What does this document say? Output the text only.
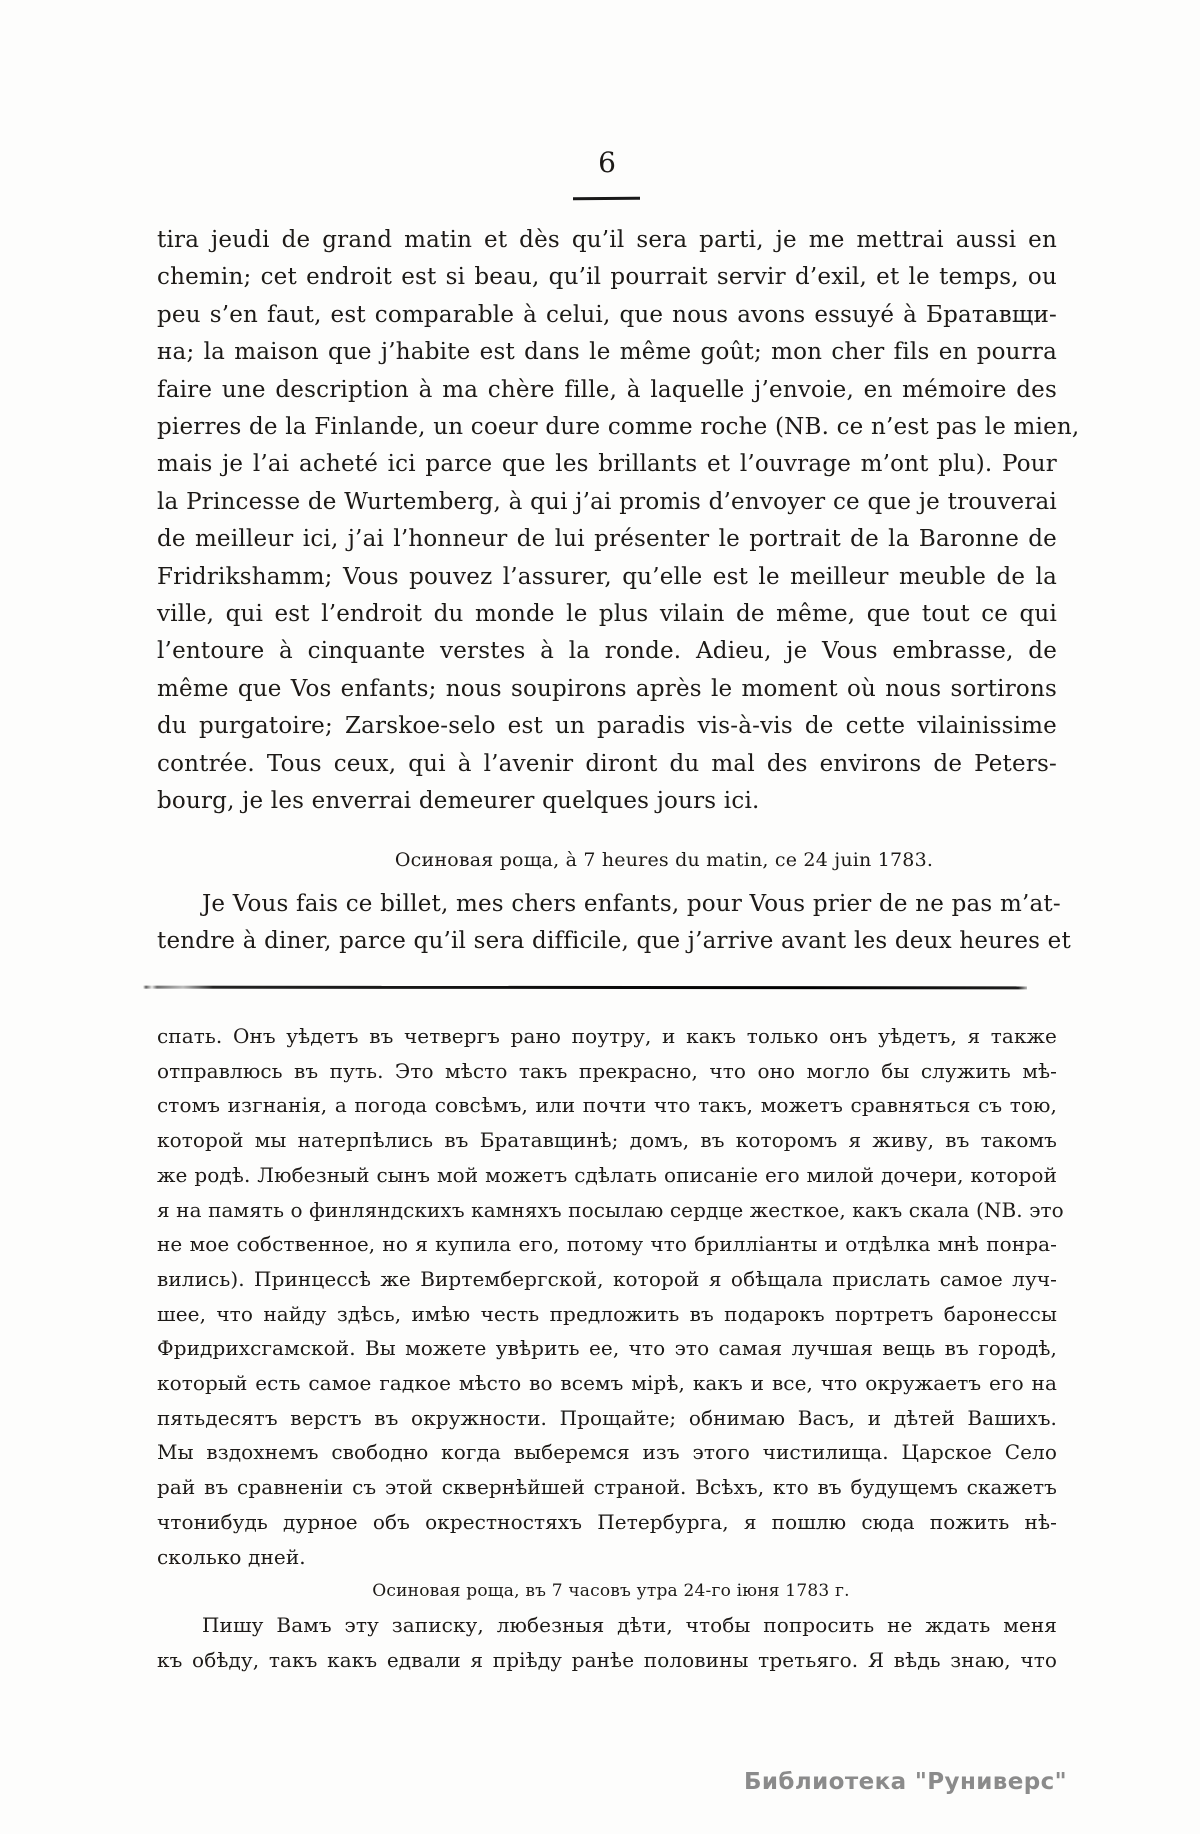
6
tira jeudi de grand matin et dès qu’il sera parti, je me mettrai aussi en
chemin; cet endroit est si beau, qu’il pourrait servir d’exil, et le temps, ou
peu s’en faut, est comparable à celui, que nous avons essuyé à Братавщи-
на; la maison que j’habite est dans le même goût; mon cher fils en pourra
faire une description à ma chère fille, à laquelle j’envoie, en mémoire des
pierres de la Finlande, un coeur dure comme roche (NB. ce n’est pas le mien,
mais je l’ai acheté ici parce que les brillants et l’ouvrage m’ont plu). Pour
la Princesse de Wurtemberg, à qui j’ai promis d’envoyer ce que je trouverai
de meilleur ici, j’ai l’honneur de lui présenter le portrait de la Baronne de
Fridrikshamm; Vous pouvez l’assurer, qu’elle est le meilleur meuble de la
ville, qui est l’endroit du monde le plus vilain de même, que tout ce qui
l’entoure à cinquante verstes à la ronde. Adieu, je Vous embrasse, de
même que Vos enfants; nous soupirons après le moment où nous sortirons
du purgatoire; Zarskoe-selo est un paradis vis-à-vis de cette vilainissime
contrée. Tous ceux, qui à l’avenir diront du mal des environs de Peters-
bourg, je les enverrai demeurer quelques jours ici.
Осиновая роща, à 7 heures du matin, ce 24 juin 1783.
Je Vous fais ce billet, mes chers enfants, pour Vous prier de ne pas m’at-
tendre à diner, parce qu’il sera difficile, que j’arrive avant les deux heures et
спать. Онъ уѣдетъ въ четвергъ рано поутру, и какъ только онъ уѣдетъ, я также
отправлюсь въ путь. Это мѣсто такъ прекрасно, что оно могло бы служить мѣ-
стомъ изгнанія, а погода совсѣмъ, или почти что такъ, можетъ сравняться съ тою,
которой мы натерпѣлись въ Братавщинѣ; домъ, въ которомъ я живу, въ такомъ
же родѣ. Любезный сынъ мой можетъ сдѣлать описаніе его милой дочери, которой
я на память о финляндскихъ камняхъ посылаю сердце жесткое, какъ скала (NB. это
не мое собственное, но я купила его, потому что брилліанты и отдѣлка мнѣ понра-
вились). Принцессѣ же Виртембергской, которой я обѣщала прислать самое луч-
шее, что найду здѣсь, имѣю честь предложить въ подарокъ портретъ баронессы
Фридрихсгамской. Вы можете увѣрить ее, что это самая лучшая вещь въ городѣ,
который есть самое гадкое мѣсто во всемъ мірѣ, какъ и все, что окружаетъ его на
пятьдесятъ верстъ въ окружности. Прощайте; обнимаю Васъ, и дѣтей Вашихъ.
Мы вздохнемъ свободно когда выберемся изъ этого чистилища. Царское Село
рай въ сравненіи съ этой сквернѣйшей страной. Всѣхъ, кто въ будущемъ скажетъ
чтонибудь дурное объ окрестностяхъ Петербурга, я пошлю сюда пожить нѣ-
сколько дней.
Осиновая роща, въ 7 часовъ утра 24-го іюня 1783 г.
Пишу Вамъ эту записку, любезныя дѣти, чтобы попросить не ждать меня
къ обѣду, такъ какъ едвали я пріѣду ранѣе половины третьяго. Я вѣдь знаю, что
Библиотека "Руниверс"
